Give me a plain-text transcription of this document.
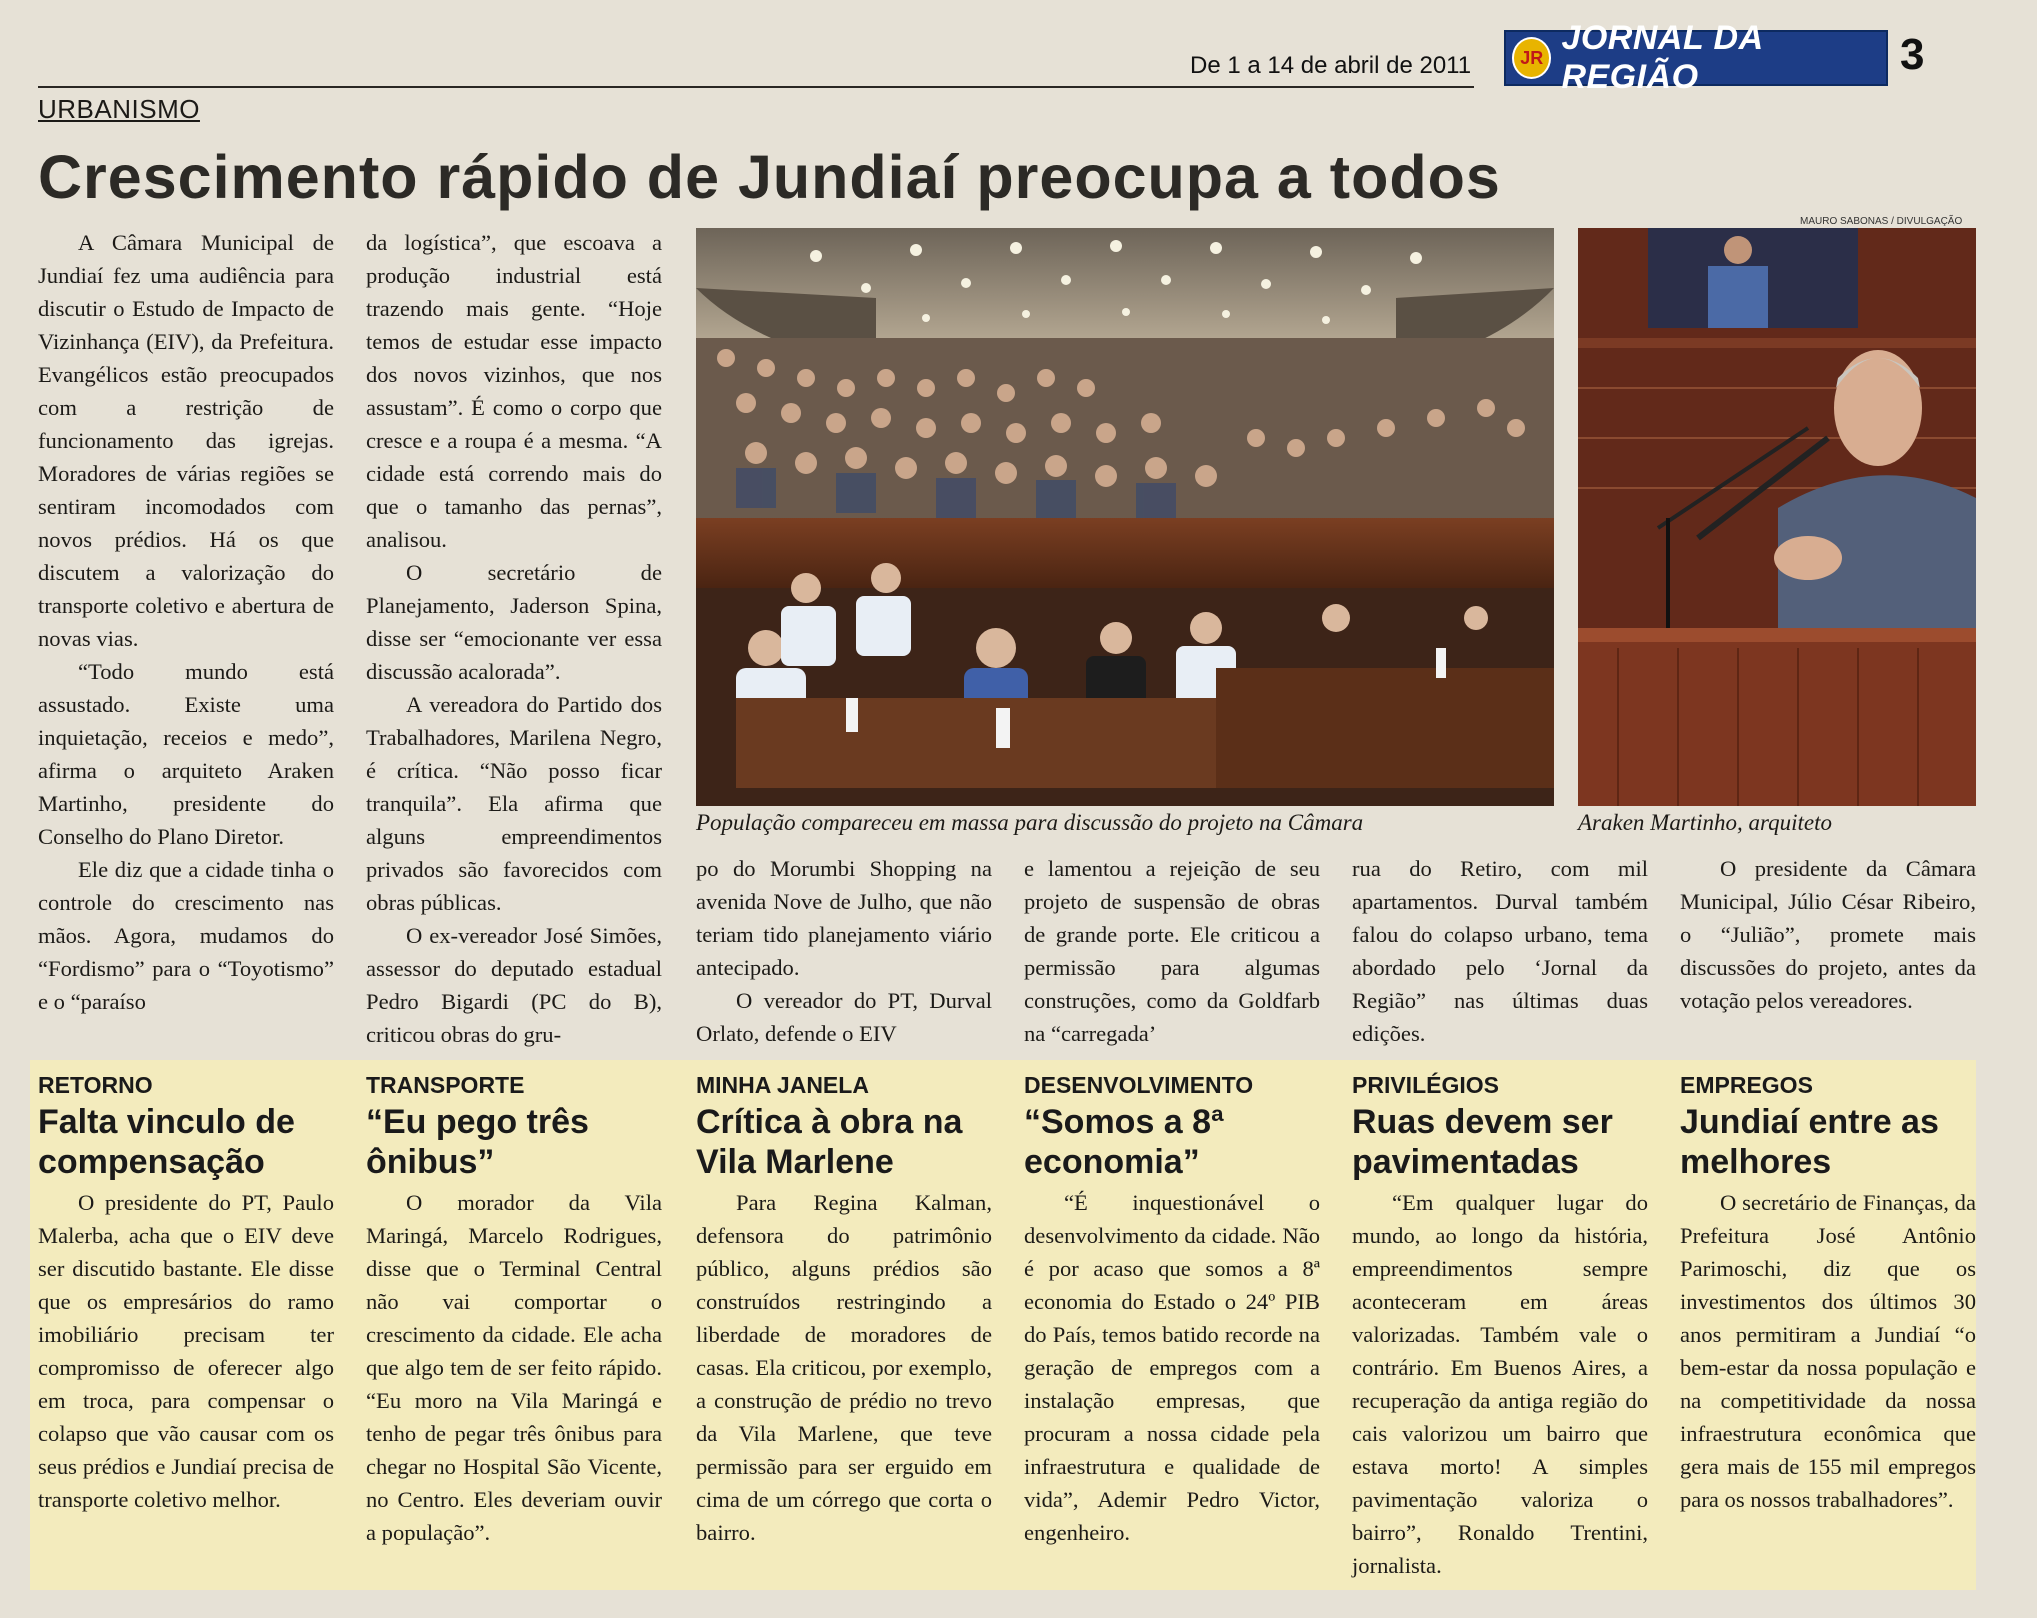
De 1 a 14 de abril de 2011	JR
JORNAL DA REGIÃO	3
URBANISMO
Crescimento rápido de Jundiaí preocupa a todos

A Câmara Municipal de Jundiaí fez uma audiência para discutir o Estudo de Impacto de Vizinhança (EIV), da Prefeitura. Evangélicos estão preocupados com a restrição de funcionamento das igrejas. Moradores de várias regiões se sentiram incomodados com novos prédios. Há os que discutem a valorização do transporte coletivo e abertura de novas vias.

“Todo mundo está assustado. Existe uma inquietação, receios e medo”, afirma o arquiteto Araken Martinho, presidente do Conselho do Plano Diretor.

Ele diz que a cidade tinha o controle do crescimento nas mãos. Agora, mudamos do “Fordismo” para o “Toyotismo” e o “paraíso

da logística”, que escoava a produção industrial está trazendo mais gente. “Hoje temos de estudar esse impacto dos novos vizinhos, que nos assustam”. É como o corpo que cresce e a roupa é a mesma. “A cidade está correndo mais do que o tamanho das pernas”, analisou.

O secretário de Planejamento, Jaderson Spina, disse ser “emocionante ver essa discussão acalorada”.

A vereadora do Partido dos Trabalhadores, Marilena Negro, é crítica. “Não posso ficar tranquila”. Ela afirma que alguns empreendimentos privados são favorecidos com obras públicas.

O ex-vereador José Simões, assessor do deputado estadual Pedro Bigardi (PC do B), criticou obras do gru-

MAURO SABONAS / DIVULGAÇÃO
População compareceu em massa para discussão do projeto na Câmara	Araken Martinho, arquiteto

po do Morumbi Shopping na avenida Nove de Julho, que não teriam tido planejamento viário antecipado.

O vereador do PT, Durval Orlato, defende o EIV

e lamentou a rejeição de seu projeto de suspensão de obras de grande porte. Ele criticou a permissão para algumas construções, como da Goldfarb na “carregada’

rua do Retiro, com mil apartamentos. Durval também falou do colapso urbano, tema abordado pelo ‘Jornal da Região” nas últimas duas edições.

O presidente da Câmara Municipal, Júlio César Ribeiro, o “Julião”, promete mais discussões do projeto, antes da votação pelos vereadores.

RETORNO
Falta vinculo de compensação

O presidente do PT, Paulo Malerba, acha que o EIV deve ser discutido bastante. Ele disse que os empresários do ramo imobiliário precisam ter compromisso de oferecer algo em troca, para compensar o colapso que vão causar com os seus prédios e Jundiaí precisa de transporte coletivo melhor.

TRANSPORTE
“Eu pego três ônibus”

O morador da Vila Maringá, Marcelo Rodrigues, disse que o Terminal Central não vai comportar o crescimento da cidade. Ele acha que algo tem de ser feito rápido. “Eu moro na Vila Maringá e tenho de pegar três ônibus para chegar no Hospital São Vicente, no Centro. Eles deveriam ouvir a população”.

MINHA JANELA
Crítica à obra na Vila Marlene

Para Regina Kalman, defensora do patrimônio público, alguns prédios são construídos restringindo a liberdade de moradores de casas. Ela criticou, por exemplo, a construção de prédio no trevo da Vila Marlene, que teve permissão para ser erguido em cima de um córrego que corta o bairro.

DESENVOLVIMENTO
“Somos a 8ª economia”

“É inquestionável o desenvolvimento da cidade. Não é por acaso que somos a 8ª economia do Estado o 24º PIB do País, temos batido recorde na geração de empregos com a instalação empresas, que procuram a nossa cidade pela infraestrutura e qualidade de vida”, Ademir Pedro Victor, engenheiro.

PRIVILÉGIOS
Ruas devem ser pavimentadas

“Em qualquer lugar do mundo, ao longo da história, empreendimentos sempre aconteceram em áreas valorizadas. Também vale o contrário. Em Buenos Aires, a recuperação da antiga região do cais valorizou um bairro que estava morto! A simples pavimentação valoriza o bairro”, Ronaldo Trentini, jornalista.

EMPREGOS
Jundiaí entre as melhores

O secretário de Finanças, da Prefeitura José Antônio Parimoschi, diz que os investimentos dos últimos 30 anos permitiram a Jundiaí “o bem-estar da nossa população e na competitividade da nossa infraestrutura econômica que gera mais de 155 mil empregos para os nossos trabalhadores”.
